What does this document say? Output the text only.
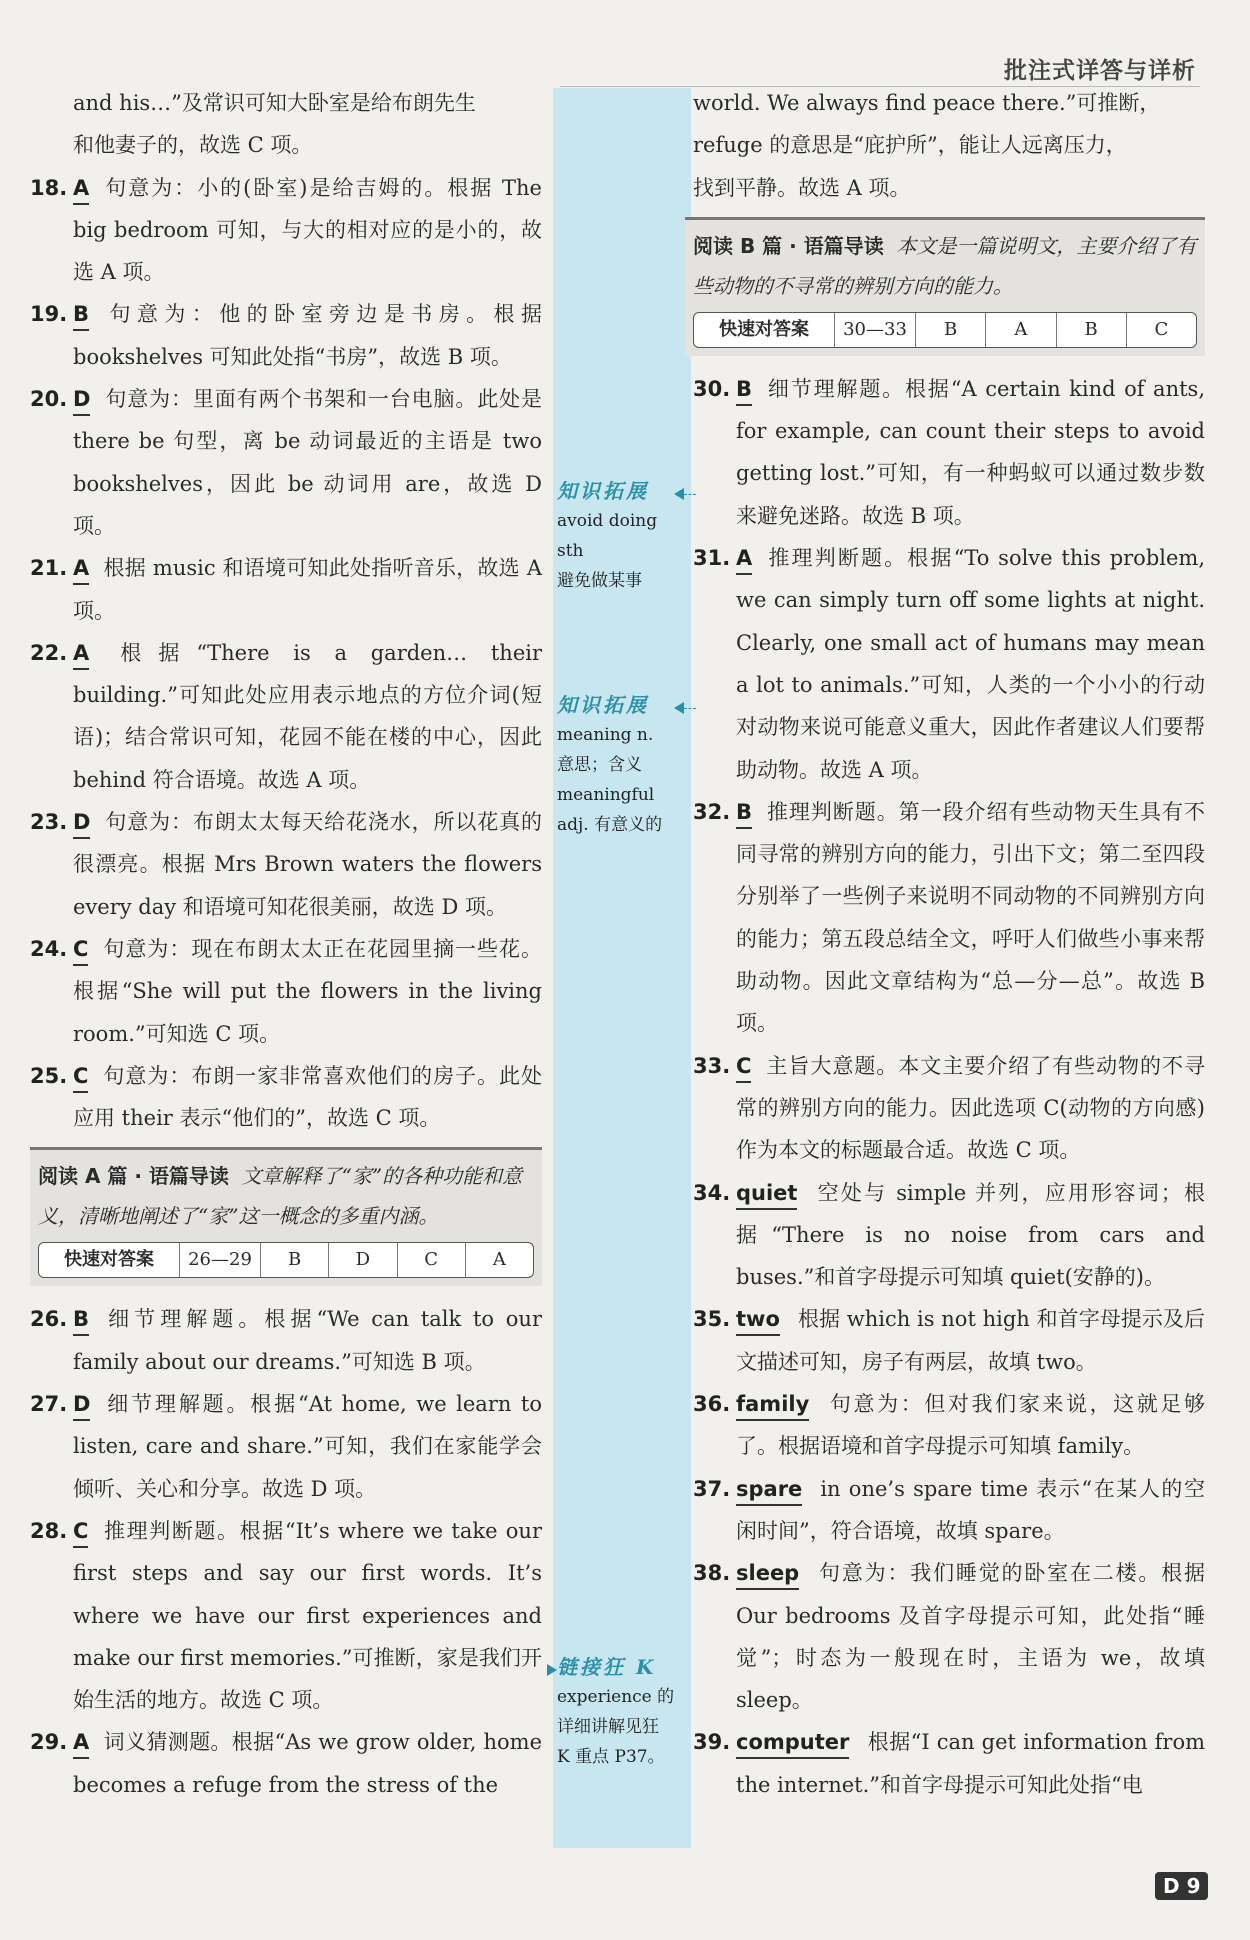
批注式详答与详析
and his…”及常识可知大卧室是给布朗先生
和他妻子的，故选 C 项。
18. A 句意为：小的(卧室)是给吉姆的。根据 The big bedroom 可知，与大的相对应的是小的，故选 A 项。
19. B 句意为：他的卧室旁边是书房。根据 bookshelves 可知此处指“书房”，故选 B 项。
20. D 句意为：里面有两个书架和一台电脑。此处是 there be 句型，离 be 动词最近的主语是 two bookshelves，因此 be 动词用 are，故选 D 项。
21. A 根据 music 和语境可知此处指听音乐，故选 A 项。
22. A 根据“There is a garden… their building.”可知此处应用表示地点的方位介词(短语)；结合常识可知，花园不能在楼的中心，因此 behind 符合语境。故选 A 项。
23. D 句意为：布朗太太每天给花浇水，所以花真的很漂亮。根据 Mrs Brown waters the flowers every day 和语境可知花很美丽，故选 D 项。
24. C 句意为：现在布朗太太正在花园里摘一些花。根据“She will put the flowers in the living room.”可知选 C 项。
25. C 句意为：布朗一家非常喜欢他们的房子。此处应用 their 表示“他们的”，故选 C 项。
阅读 A 篇 · 语篇导读 文章解释了“家”的各种功能和意义，清晰地阐述了“家”这一概念的多重内涵。
快速对答案	26—29	B	D	C	A
26. B 细节理解题。根据“We can talk to our family about our dreams.”可知选 B 项。
27. D 细节理解题。根据“At home, we learn to listen, care and share.”可知，我们在家能学会倾听、关心和分享。故选 D 项。
28. C 推理判断题。根据“It’s where we take our first steps and say our first words. It’s where we have our first experiences and make our first memories.”可推断，家是我们开始生活的地方。故选 C 项。
29. A 词义猜测题。根据“As we grow older, home becomes a refuge from the stress of the
知识拓展
avoid doing sth
避免做某事
知识拓展
meaning n.
意思；含义
meaningful
adj. 有意义的
链接狂 K
experience 的
详细讲解见狂
K 重点 P37。
world. We always find peace there.”可推断，
refuge 的意思是“庇护所”，能让人远离压力，
找到平静。故选 A 项。
阅读 B 篇 · 语篇导读 本文是一篇说明文，主要介绍了有些动物的不寻常的辨别方向的能力。
快速对答案	30—33	B	A	B	C
30. B 细节理解题。根据“A certain kind of ants, for example, can count their steps to avoid getting lost.”可知，有一种蚂蚁可以通过数步数来避免迷路。故选 B 项。
31. A 推理判断题。根据“To solve this problem, we can simply turn off some lights at night. Clearly, one small act of humans may mean a lot to animals.”可知，人类的一个小小的行动对动物来说可能意义重大，因此作者建议人们要帮助动物。故选 A 项。
32. B 推理判断题。第一段介绍有些动物天生具有不同寻常的辨别方向的能力，引出下文；第二至四段分别举了一些例子来说明不同动物的不同辨别方向的能力；第五段总结全文，呼吁人们做些小事来帮助动物。因此文章结构为“总—分—总”。故选 B 项。
33. C 主旨大意题。本文主要介绍了有些动物的不寻常的辨别方向的能力。因此选项 C(动物的方向感)作为本文的标题最合适。故选 C 项。
34. quiet 空处与 simple 并列，应用形容词；根据“There is no noise from cars and buses.”和首字母提示可知填 quiet(安静的)。
35. two 根据 which is not high 和首字母提示及后文描述可知，房子有两层，故填 two。
36. family 句意为：但对我们家来说，这就足够了。根据语境和首字母提示可知填 family。
37. spare in one’s spare time 表示“在某人的空闲时间”，符合语境，故填 spare。
38. sleep 句意为：我们睡觉的卧室在二楼。根据 Our bedrooms 及首字母提示可知，此处指“睡觉”；时态为一般现在时，主语为 we，故填 sleep。
39. computer 根据“I can get information from the internet.”和首字母提示可知此处指“电
D 9
